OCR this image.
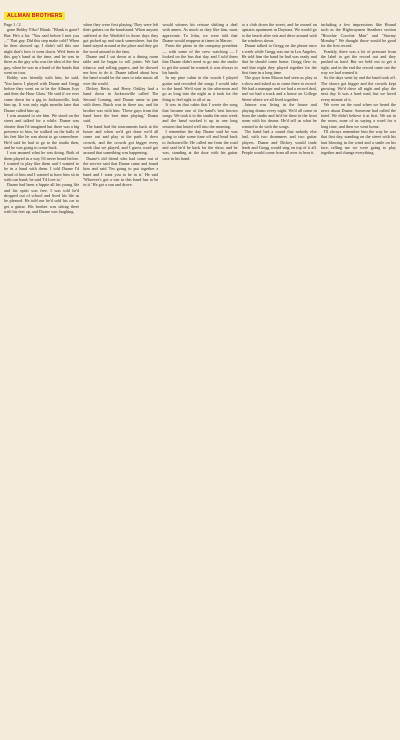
ALLMAN BROTHERS

Page 1 / 2

gone Bobby Ylko? Blank: "Blank is gone? But: He's a lot: "You said before I met you ..." That guy. Did this step make cold? When he then showed up, I didn't sell this one night that's how it went down. We'd been in this guy's band at the time, and he was in three as the guy who was the idea of the first guy, when he was in a band of the bands that went on tour.

Bobby was friendly with him, he said, 'You know I played with Duane and Gregg before they went on to be the Allman Joys and then the Hour Glass.' He said if we ever came down for a gig in Jacksonville, look him up. It was only eight months later that Duane called him up.

I was amazed to see him. We stood on the street and talked for a while. Duane was shorter than I'd imagined but there was a big presence to him, he walked on the balls of his feet like he was about to go somewhere. He'd said he had to go to the studio then, and he was going to come back.

I was amazed what he was doing. Both of them played in a way I'd never heard before. I wanted to play like them and I wanted to be in a band with them. I told Duane I'd heard of him and I wanted to have him sit in with our band; he said 'I'd love to.'

Duane had been a hippie all his young life and his spirit was free. I was told he'd dropped out of school and lived his life as he pleased. He told me he'd sold his car to get a guitar. His brother was sitting there with his feet up, and Duane was laughing.

when they were first playing. They were left their guitars on the bandstand. When anyone suffered at the Warfield in those days they got picked up and stuck somewhere, but the band stayed around at the place and they got the word around to the fans.

Duane and I sat down at a dining room table and he began to roll joints. We had tobacco and rolling papers, and he showed me how to do it. Duane talked about how the band would be the ones to take music all over the world.

Dickey Betts, and Berry Oakley had a band down in Jacksonville called The Second Coming, and Duane came to jam with them. Butch was in there too, and his brother was with him. 'These guys from this band have the best time playing,' Duane said.

The band had the instruments back at the house and when we'd get done we'd all come out and play at the park. It drew crowds, and the crowds got bigger every week that we played, and I guess word got around that something was happening.

Duane's old friend who had come out of the service said that Duane came and found him and said 'I'm going to put together a band and I want you to be in it.' He said 'Whoever's got a van in this band has to be in it.' He got a van and drove.

would witness his reissue shifting a deal with annex. As much as they like him, most appreciate. To John, we were told that Duane would reappear at times in Macon.

From the photo in the company president — with some of the crew watching — I looked on the bus that day and I told them that Duane didn't need to go into the studio to get the sound he wanted, it was always in his hands.

In my pine cabin in the woods I played guitar and recorded the songs I would take to the band. We'd start in the afternoon and go as long into the night as it took for the thing to feel right to all of us.

It was in that cabin that I wrote the song that became one of the band's best known songs. We took it to the studio the next week and the band worked it up in one long session that lasted well into the morning.

I remember the day Duane said he was going to take some time off and head back to Jacksonville. He called me from the road and said he'd be back for the show, and he was, standing at the door with his guitar case in his hand.

to a club down the street, and he owned an upstairs apartment in Daytona. We would go to the beach after sets and drive around with the windows down.

Duane talked to Gregg on the phone once a week while Gregg was out in Los Angeles. He told him the band he had was ready and that he should come home. Gregg flew in, and that night they played together for the first time in a long time.

The guys from Macon had seen us play at a show and asked us to come there to record. We had a manager and we had a record deal, and we had a truck and a house on College Street where we all lived together.

Jaimoe was living in the house and playing drums every night. We'd all come in from the studio and he'd be there in the front room with his drums. He'd tell us what he wanted to do with the songs.

The band had a sound that nobody else had, with two drummers and two guitar players. Duane and Dickey would trade leads and Gregg would sing on top of it all. People would come from all over to hear it.

including a few impressions like Hound such as the Highwaymen Steathers section "Hoochie Coochie Man" and "Stormy Monday." We thought those would be good for the first record.

Frankly, there was a lot of pressure from the label to get the record out and they pushed us hard. But we held out to get it right, and in the end the record came out the way we had wanted it.

So the days went by and the band took off. The shows got bigger and the crowds kept growing. We'd drive all night and play the next day. It was a hard road, but we loved every minute of it.

We were on the road when we heard the news about Duane. Someone had called the hotel. We didn't believe it at first. We sat in the room, none of us saying a word for a long time, and then we went home.

I'll always remember him the way he was that first day, standing on the street with his hair blowing in the wind and a smile on his face, telling me we were going to play together and change everything.
